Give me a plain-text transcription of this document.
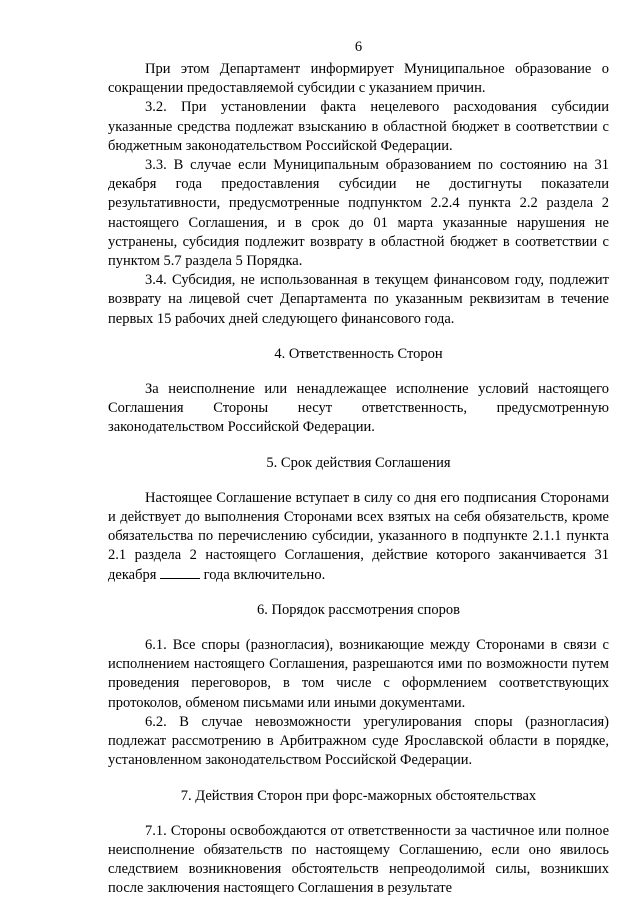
6

При этом Департамент информирует Муниципальное образование о сокращении предоставляемой субсидии с указанием причин.

3.2. При установлении факта нецелевого расходования субсидии указанные средства подлежат взысканию в областной бюджет в соответствии с бюджетным законодательством Российской Федерации.

3.3. В случае если Муниципальным образованием по состоянию на 31 декабря года предоставления субсидии не достигнуты показатели результативности, предусмотренные подпунктом 2.2.4 пункта 2.2 раздела 2 настоящего Соглашения, и в срок до 01 марта указанные нарушения не устранены, субсидия подлежит возврату в областной бюджет в соответствии с пунктом 5.7 раздела 5 Порядка.

3.4. Субсидия, не использованная в текущем финансовом году, подлежит возврату на лицевой счет Департамента по указанным реквизитам в течение первых 15 рабочих дней следующего финансового года.

4. Ответственность Сторон

За неисполнение или ненадлежащее исполнение условий настоящего Соглашения Стороны несут ответственность, предусмотренную законодательством Российской Федерации.

5. Срок действия Соглашения

Настоящее Соглашение вступает в силу со дня его подписания Сторонами и действует до выполнения Сторонами всех взятых на себя обязательств, кроме обязательства по перечислению субсидии, указанного в подпункте 2.1.1 пункта 2.1 раздела 2 настоящего Соглашения, действие которого заканчивается 31 декабря	года включительно.

6. Порядок рассмотрения споров

6.1. Все споры (разногласия), возникающие между Сторонами в связи с исполнением настоящего Соглашения, разрешаются ими по возможности путем проведения переговоров, в том числе с оформлением соответствующих протоколов, обменом письмами или иными документами.

6.2. В случае невозможности урегулирования споры (разногласия) подлежат рассмотрению в Арбитражном суде Ярославской области в порядке, установленном законодательством Российской Федерации.

7. Действия Сторон при форс-мажорных обстоятельствах

7.1. Стороны освобождаются от ответственности за частичное или полное неисполнение обязательств по настоящему Соглашению, если оно явилось следствием возникновения обстоятельств непреодолимой силы, возникших после заключения настоящего Соглашения в результате
